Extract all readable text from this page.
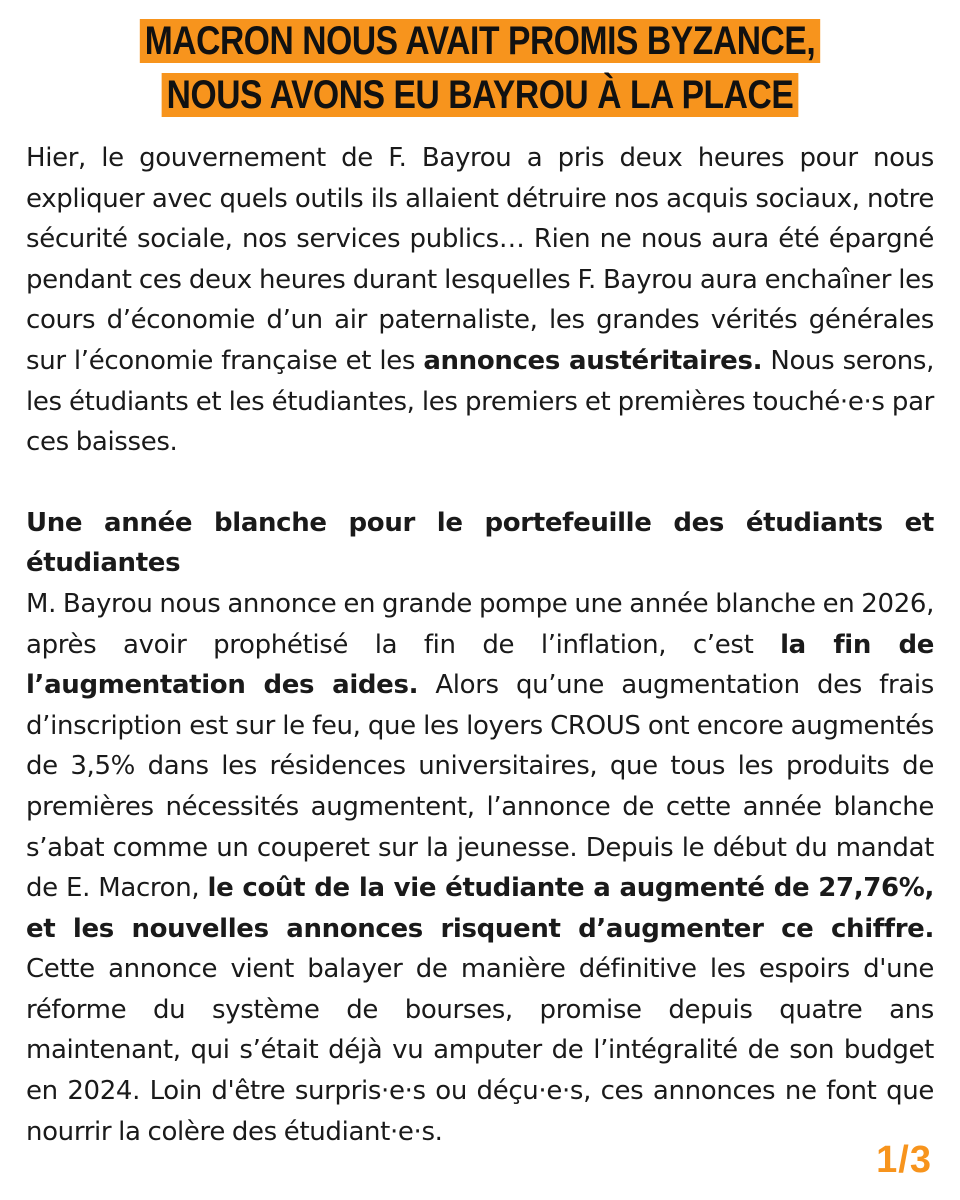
MACRON NOUS AVAIT PROMIS BYZANCE,
NOUS AVONS EU BAYROU À LA PLACE

Hier, le gouvernement de F. Bayrou a pris deux heures pour nous expliquer avec quels outils ils allaient détruire nos acquis sociaux, notre sécurité sociale, nos services publics… Rien ne nous aura été épargné pendant ces deux heures durant lesquelles F. Bayrou aura enchaîner les cours d’économie d’un air paternaliste, les grandes vérités générales sur l’économie française et les annonces austéritaires. Nous serons, les étudiants et les étudiantes, les premiers et premières touché·e·s par ces baisses.

Une année blanche pour le portefeuille des étudiants et étudiantes

M. Bayrou nous annonce en grande pompe une année blanche en 2026, après avoir prophétisé la fin de l’inflation, c’est la fin de l’augmentation des aides. Alors qu’une augmentation des frais d’inscription est sur le feu, que les loyers CROUS ont encore augmentés de 3,5% dans les résidences universitaires, que tous les produits de premières nécessités augmentent, l’annonce de cette année blanche s’abat comme un couperet sur la jeunesse. Depuis le début du mandat de E. Macron, le coût de la vie étudiante a augmenté de 27,76%, et les nouvelles annonces risquent d’augmenter ce chiffre. Cette annonce vient balayer de manière définitive les espoirs d'une réforme du système de bourses, promise depuis quatre ans maintenant, qui s’était déjà vu amputer de l’intégralité de son budget en 2024. Loin d'être surpris·e·s ou déçu·e·s, ces annonces ne font que nourrir la colère des étudiant·e·s.

1/3
